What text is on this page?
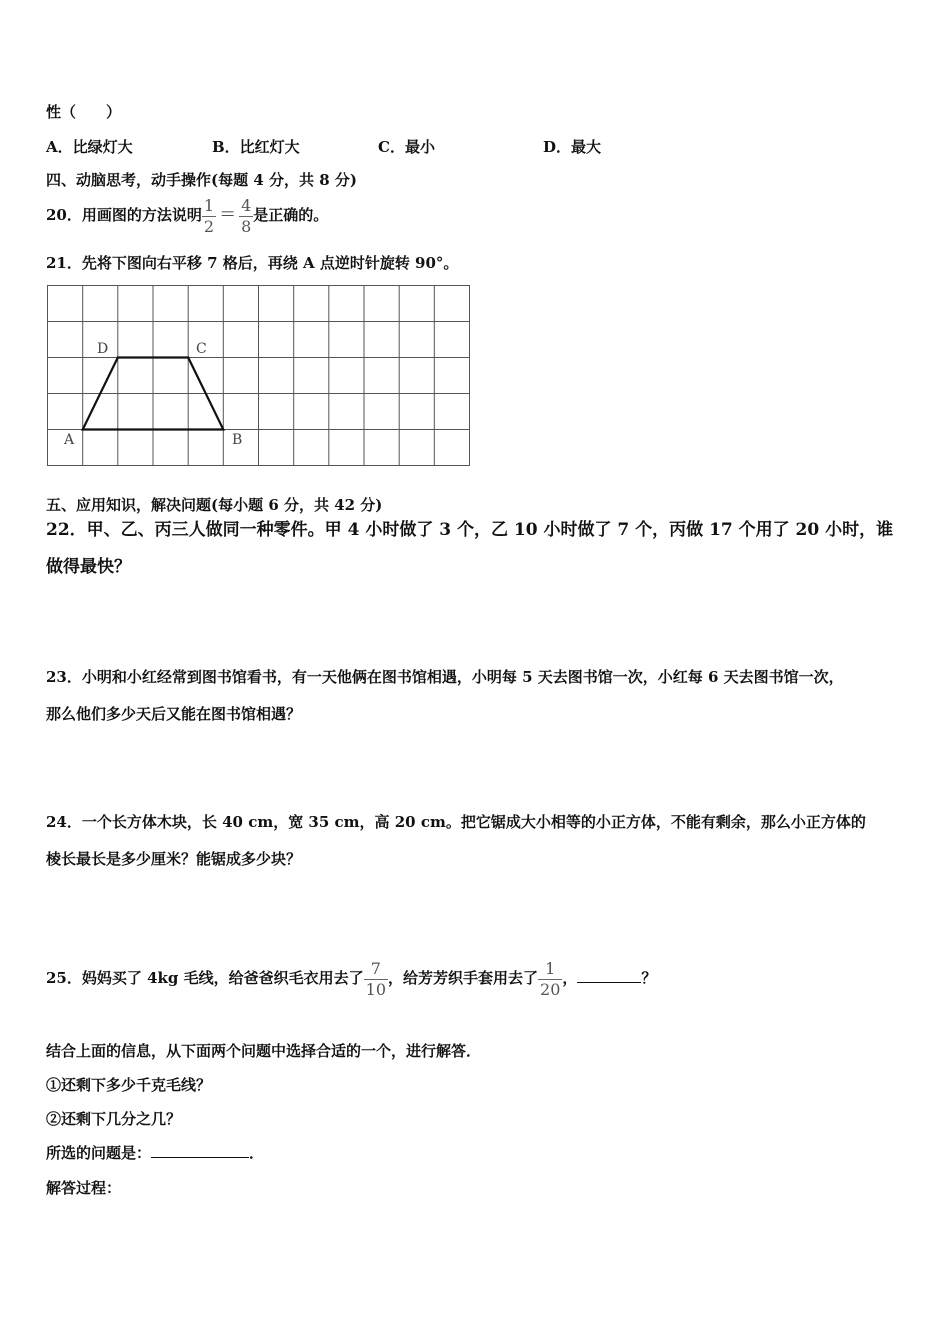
性（　　）
A．比绿灯大	B．比红灯大	C．最小	D．最大
四、动脑思考，动手操作(每题 4 分，共 8 分)
20．用画图的方法说明 $\frac{1}{2} = \frac{4}{8}$ 是正确的。
21．先将下图向右平移 7 格后，再绕 A 点逆时针旋转 90°。
A	B
C
D
五、应用知识，解决问题(每小题 6 分，共 42 分)
22．甲、乙、丙三人做同一种零件。甲 4 小时做了 3 个，乙 10 小时做了 7 个，丙做 17 个用了 20 小时，谁
做得最快？
23．小明和小红经常到图书馆看书，有一天他俩在图书馆相遇，小明每 5 天去图书馆一次，小红每 6 天去图书馆一次，
那么他们多少天后又能在图书馆相遇？
24．一个长方体木块，长 40 cm，宽 35 cm，高 20 cm。把它锯成大小相等的小正方体，不能有剩余，那么小正方体的
棱长最长是多少厘米？能锯成多少块？
25．妈妈买了 4kg 毛线，给爸爸织毛衣用去了 $\frac{7}{10}$ ，给芳芳织手套用去了 $\frac{1}{20}$ ，	？
结合上面的信息，从下面两个问题中选择合适的一个，进行解答．
①还剩下多少千克毛线？
②还剩下几分之几？
所选的问题是：	．
解答过程：
